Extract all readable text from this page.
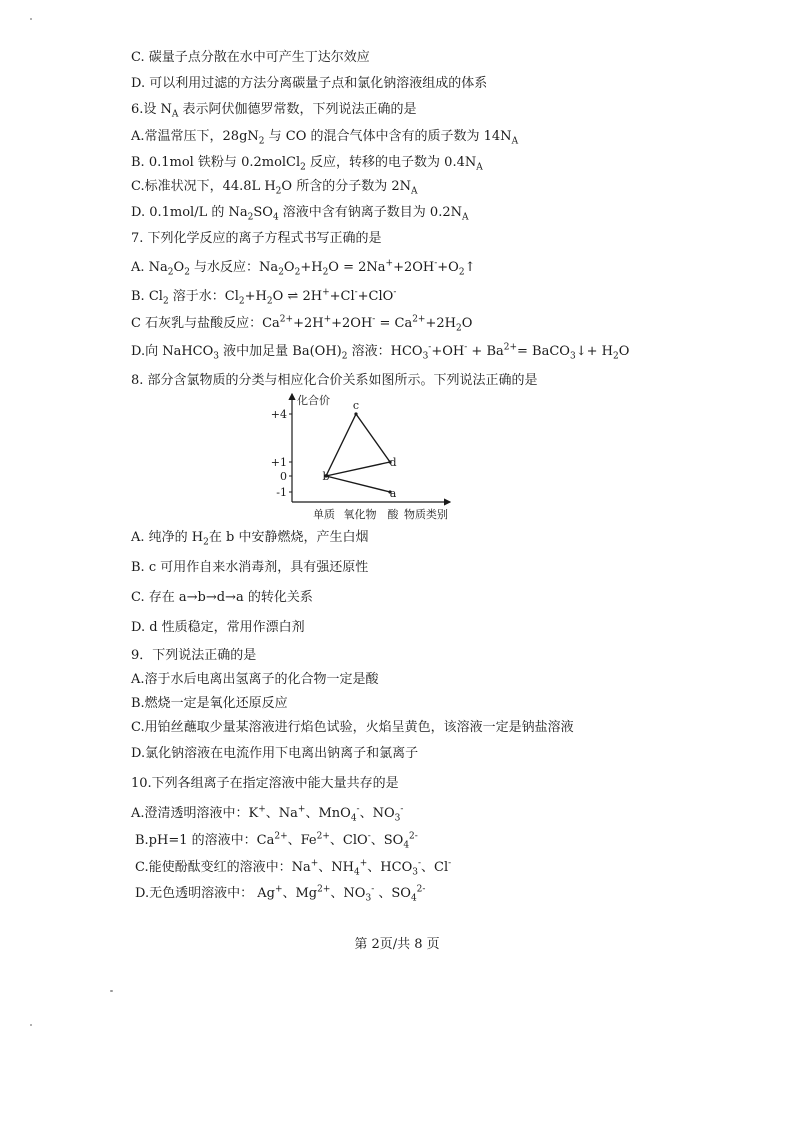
C. 碳量子点分散在水中可产生丁达尔效应
D. 可以利用过滤的方法分离碳量子点和氯化钠溶液组成的体系
6.设 $N_A$ 表示阿伏伽德罗常数，下列说法正确的是
A.常温常压下，$28gN_2$ 与 CO 的混合气体中含有的质子数为 $14N_A$
B. 0.1mol 铁粉与 0.2molCl$_2$ 反应，转移的电子数为 $0.4N_A$
C.标准状况下，44.8L $H_2O$ 所含的分子数为 $2N_A$
D. 0.1mol/L 的 $Na_2SO_4$ 溶液中含有钠离子数目为 $0.2N_A$
7. 下列化学反应的离子方程式书写正确的是
A. $Na_2O_2$ 与水反应：$Na_2O_2+H_2O$ = $2Na^++2OH^-+O_2↑$
B. $Cl_2$ 溶于水：$Cl_2+H_2O$ ⇌ 2H++Cl-+ClO-
C 石灰乳与盐酸反应：$Ca^{2+}+2H^++2OH^- = Ca^{2+}+2H_2O$
D.向 NaHCO$_3$ 液中加足量 $Ba(OH)_2$ 溶液：$HCO_3^-+OH^- + Ba^{2+}=$ BaCO$_3$↓+ $H_2O$
8. 部分含氯物质的分类与相应化合价关系如图所示。下列说法正确的是
A. 纯净的 $H_2$在 b 中安静燃烧，产生白烟
B. c 可用作自来水消毒剂，具有强还原性
C. 存在 a→b→d→a 的转化关系
D. d 性质稳定，常用作漂白剂
9．下列说法正确的是
A.溶于水后电离出氢离子的化合物一定是酸
B.燃烧一定是氧化还原反应
C.用铂丝蘸取少量某溶液进行焰色试验，火焰呈黄色，该溶液一定是钠盐溶液
D.氯化钠溶液在电流作用下电离出钠离子和氯离子
10.下列各组离子在指定溶液中能大量共存的是
A.澄清透明溶液中：K+、Na+、MnO$_4$-、$NO_3^-$
B.pH=1 的溶液中：$Ca^{2+}$、$Fe^{2+}$、ClO-、$SO_4^{2-}$
C.能使酚酞变红的溶液中：Na+、$NH_4^+$、$HCO_3^-$、Cl-
D.无色透明溶液中： Ag+、$Mg^{2+}$、$NO_3^-$ 、$SO_4^{2-}$
化合价
+4
+1
0
-1
单质 氧化物 酸 物质类别
b
c
d
a
第 2页/共 8 页
